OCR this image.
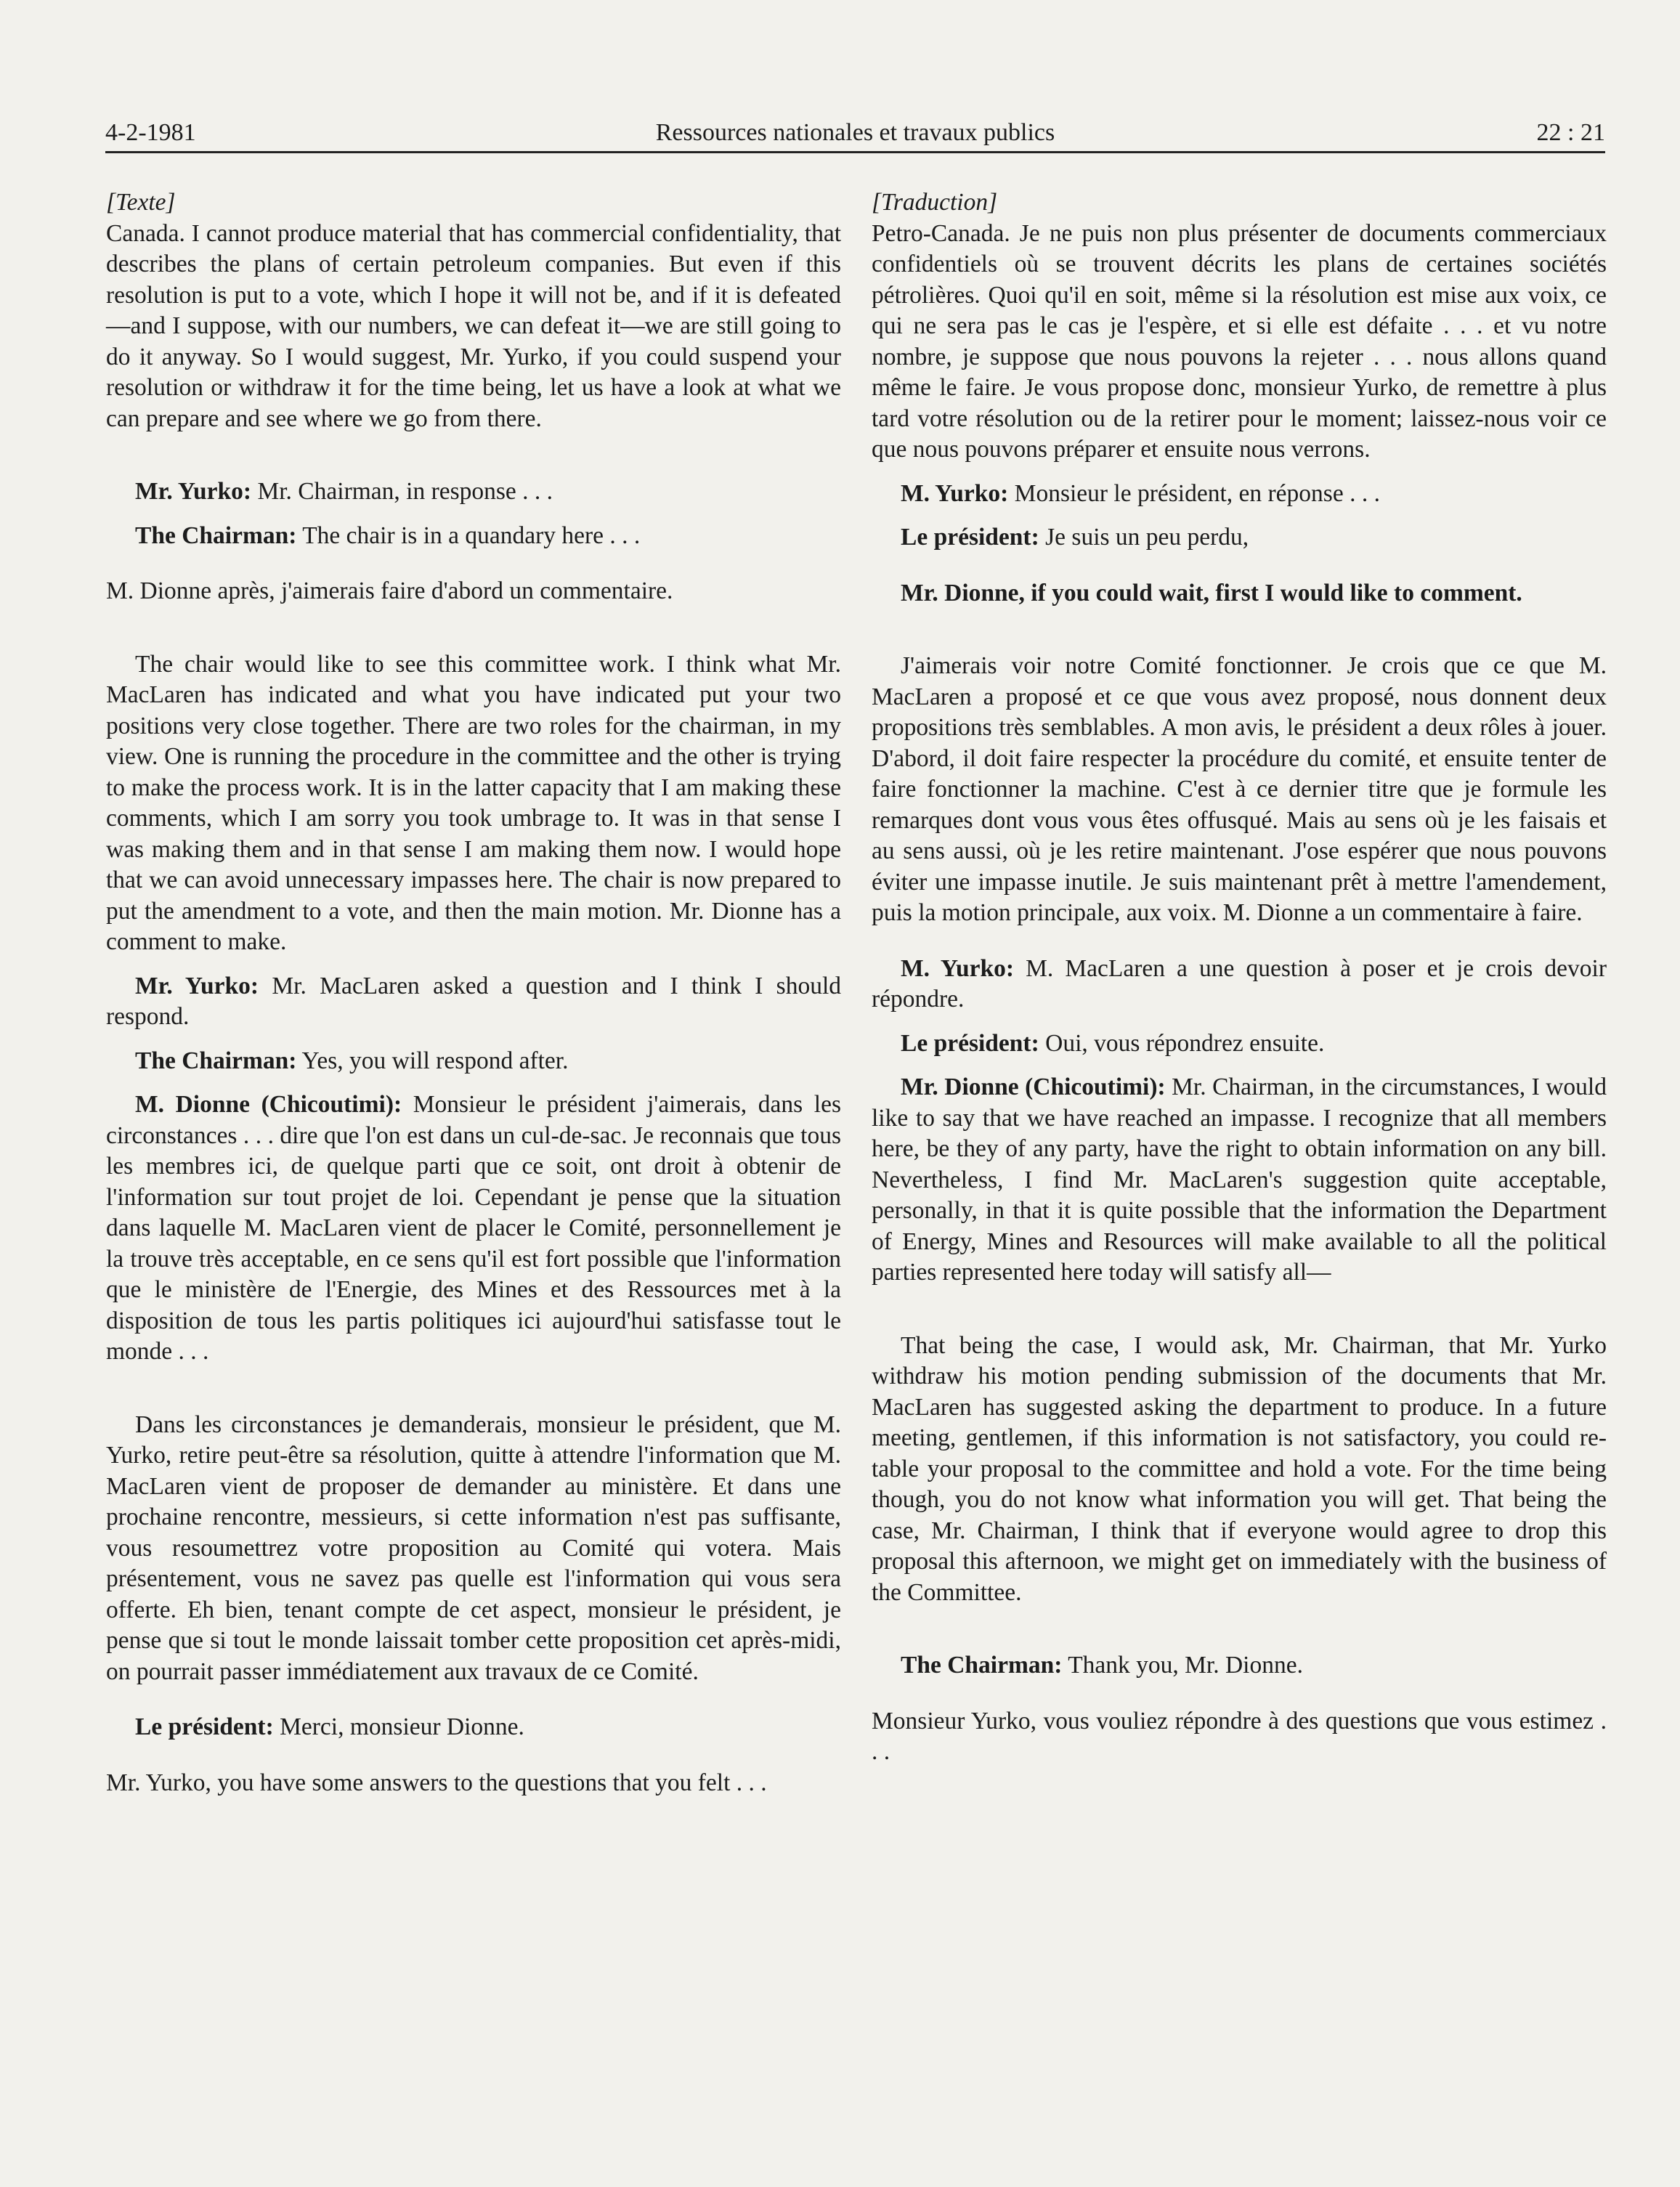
4-2-1981	Ressources nationales et travaux publics	22 : 21

[Texte]

Canada. I cannot produce material that has commercial confidentiality, that describes the plans of certain petroleum companies. But even if this resolution is put to a vote, which I hope it will not be, and if it is defeated—and I suppose, with our numbers, we can defeat it—we are still going to do it anyway. So I would suggest, Mr. Yurko, if you could suspend your resolution or withdraw it for the time being, let us have a look at what we can prepare and see where we go from there.

Mr. Yurko: Mr. Chairman, in response . . .

The Chairman: The chair is in a quandary here . . .

M. Dionne après, j'aimerais faire d'abord un commentaire.

The chair would like to see this committee work. I think what Mr. MacLaren has indicated and what you have indicated put your two positions very close together. There are two roles for the chairman, in my view. One is running the procedure in the committee and the other is trying to make the process work. It is in the latter capacity that I am making these comments, which I am sorry you took umbrage to. It was in that sense I was making them and in that sense I am making them now. I would hope that we can avoid unnecessary impasses here. The chair is now prepared to put the amendment to a vote, and then the main motion. Mr. Dionne has a comment to make.

Mr. Yurko: Mr. MacLaren asked a question and I think I should respond.

The Chairman: Yes, you will respond after.

M. Dionne (Chicoutimi): Monsieur le président j'aimerais, dans les circonstances . . . dire que l'on est dans un cul-de-sac. Je reconnais que tous les membres ici, de quelque parti que ce soit, ont droit à obtenir de l'information sur tout projet de loi. Cependant je pense que la situation dans laquelle M. MacLaren vient de placer le Comité, personnellement je la trouve très acceptable, en ce sens qu'il est fort possible que l'information que le ministère de l'Energie, des Mines et des Ressources met à la disposition de tous les partis politiques ici aujourd'hui satisfasse tout le monde . . .

Dans les circonstances je demanderais, monsieur le président, que M. Yurko, retire peut-être sa résolution, quitte à attendre l'information que M. MacLaren vient de proposer de demander au ministère. Et dans une prochaine rencontre, messieurs, si cette information n'est pas suffisante, vous resoumettrez votre proposition au Comité qui votera. Mais présentement, vous ne savez pas quelle est l'information qui vous sera offerte. Eh bien, tenant compte de cet aspect, monsieur le président, je pense que si tout le monde laissait tomber cette proposition cet après-midi, on pourrait passer immédiatement aux travaux de ce Comité.

Le président: Merci, monsieur Dionne.

Mr. Yurko, you have some answers to the questions that you felt . . .

[Traduction]

Petro-Canada. Je ne puis non plus présenter de documents commerciaux confidentiels où se trouvent décrits les plans de certaines sociétés pétrolières. Quoi qu'il en soit, même si la résolution est mise aux voix, ce qui ne sera pas le cas je l'espère, et si elle est défaite . . . et vu notre nombre, je suppose que nous pouvons la rejeter . . . nous allons quand même le faire. Je vous propose donc, monsieur Yurko, de remettre à plus tard votre résolution ou de la retirer pour le moment; laissez-nous voir ce que nous pouvons préparer et ensuite nous verrons.

M. Yurko: Monsieur le président, en réponse . . .

Le président: Je suis un peu perdu,

Mr. Dionne, if you could wait, first I would like to comment.

J'aimerais voir notre Comité fonctionner. Je crois que ce que M. MacLaren a proposé et ce que vous avez proposé, nous donnent deux propositions très semblables. A mon avis, le président a deux rôles à jouer. D'abord, il doit faire respecter la procédure du comité, et ensuite tenter de faire fonctionner la machine. C'est à ce dernier titre que je formule les remarques dont vous vous êtes offusqué. Mais au sens où je les faisais et au sens aussi, où je les retire maintenant. J'ose espérer que nous pouvons éviter une impasse inutile. Je suis maintenant prêt à mettre l'amendement, puis la motion principale, aux voix. M. Dionne a un commentaire à faire.

M. Yurko: M. MacLaren a une question à poser et je crois devoir répondre.

Le président: Oui, vous répondrez ensuite.

Mr. Dionne (Chicoutimi): Mr. Chairman, in the circumstances, I would like to say that we have reached an impasse. I recognize that all members here, be they of any party, have the right to obtain information on any bill. Nevertheless, I find Mr. MacLaren's suggestion quite acceptable, personally, in that it is quite possible that the information the Department of Energy, Mines and Resources will make available to all the political parties represented here today will satisfy all—

That being the case, I would ask, Mr. Chairman, that Mr. Yurko withdraw his motion pending submission of the documents that Mr. MacLaren has suggested asking the department to produce. In a future meeting, gentlemen, if this information is not satisfactory, you could re-table your proposal to the committee and hold a vote. For the time being though, you do not know what information you will get. That being the case, Mr. Chairman, I think that if everyone would agree to drop this proposal this afternoon, we might get on immediately with the business of the Committee.

The Chairman: Thank you, Mr. Dionne.

Monsieur Yurko, vous vouliez répondre à des questions que vous estimez . . .
